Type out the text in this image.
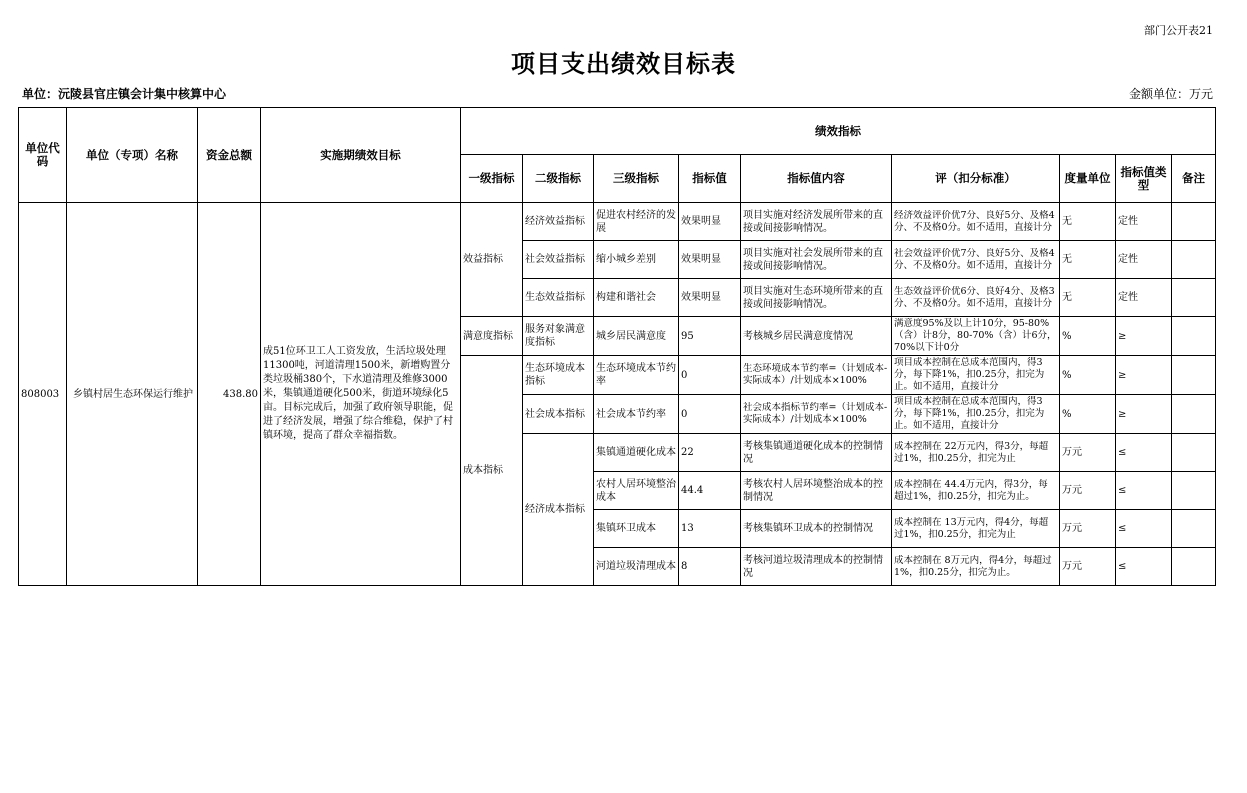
部门公开表21
项目支出绩效目标表
单位：沅陵县官庄镇会计集中核算中心	金额单位：万元
单位代码	单位（专项）名称	资金总额	实施期绩效目标	绩效指标								
				一级指标	二级指标	三级指标	指标值	指标值内容	评（扣分标准）	度量单位	指标值类型	备注
808003	乡镇村居生态环保运行维护	438.80	成51位环卫工人工资发放，生活垃圾处理11300吨，河道清理1500米，新增购置分类垃圾桶380个，下水道清理及维修3000米，集镇通道硬化500米，街道环境绿化5亩。目标完成后，加强了政府领导职能，促进了经济发展，增强了综合维稳，保护了村镇环境，提高了群众幸福指数。	效益指标	经济效益指标	促进农村经济的发展	效果明显	项目实施对经济发展所带来的直接或间接影响情况。	经济效益评价优7分、良好5分、及格4分、不及格0分。如不适用，直接计分	无	定性	
					社会效益指标	缩小城乡差别	效果明显	项目实施对社会发展所带来的直接或间接影响情况。	社会效益评价优7分、良好5分、及格4分、不及格0分。如不适用，直接计分	无	定性	
					生态效益指标	构建和谐社会	效果明显	项目实施对生态环境所带来的直接或间接影响情况。	生态效益评价优6分、良好4分、及格3分、不及格0分。如不适用，直接计分	无	定性	
				满意度指标	服务对象满意度指标	城乡居民满意度	95	考核城乡居民满意度情况	满意度95%及以上计10分，95-80%（含）计8分，80-70%（含）计6分，70%以下计0分	%	≥	
				成本指标	生态环境成本指标	生态环境成本节约率	0	生态环境成本节约率=（计划成本-实际成本）/计划成本×100%	项目成本控制在总成本范围内，得3分，每下降1%，扣0.25分，扣完为止。如不适用，直接计分	%	≥	
					社会成本指标	社会成本节约率	0	社会成本指标节约率=（计划成本-实际成本）/计划成本×100%	项目成本控制在总成本范围内，得3分，每下降1%，扣0.25分，扣完为止。如不适用，直接计分	%	≥	
					经济成本指标	集镇通道硬化成本	22	考核集镇通道硬化成本的控制情况	成本控制在 22万元内，得3分，每超过1%，扣0.25分，扣完为止	万元	≤	
						农村人居环境整治成本	44.4	考核农村人居环境整治成本的控制情况	成本控制在 44.4万元内，得3分，每超过1%，扣0.25分，扣完为止。	万元	≤	
						集镇环卫成本	13	考核集镇环卫成本的控制情况	成本控制在 13万元内，得4分，每超过1%，扣0.25分，扣完为止	万元	≤	
						河道垃圾清理成本	8	考核河道垃圾清理成本的控制情况	成本控制在 8万元内，得4分，每超过1%，扣0.25分，扣完为止。	万元	≤	
